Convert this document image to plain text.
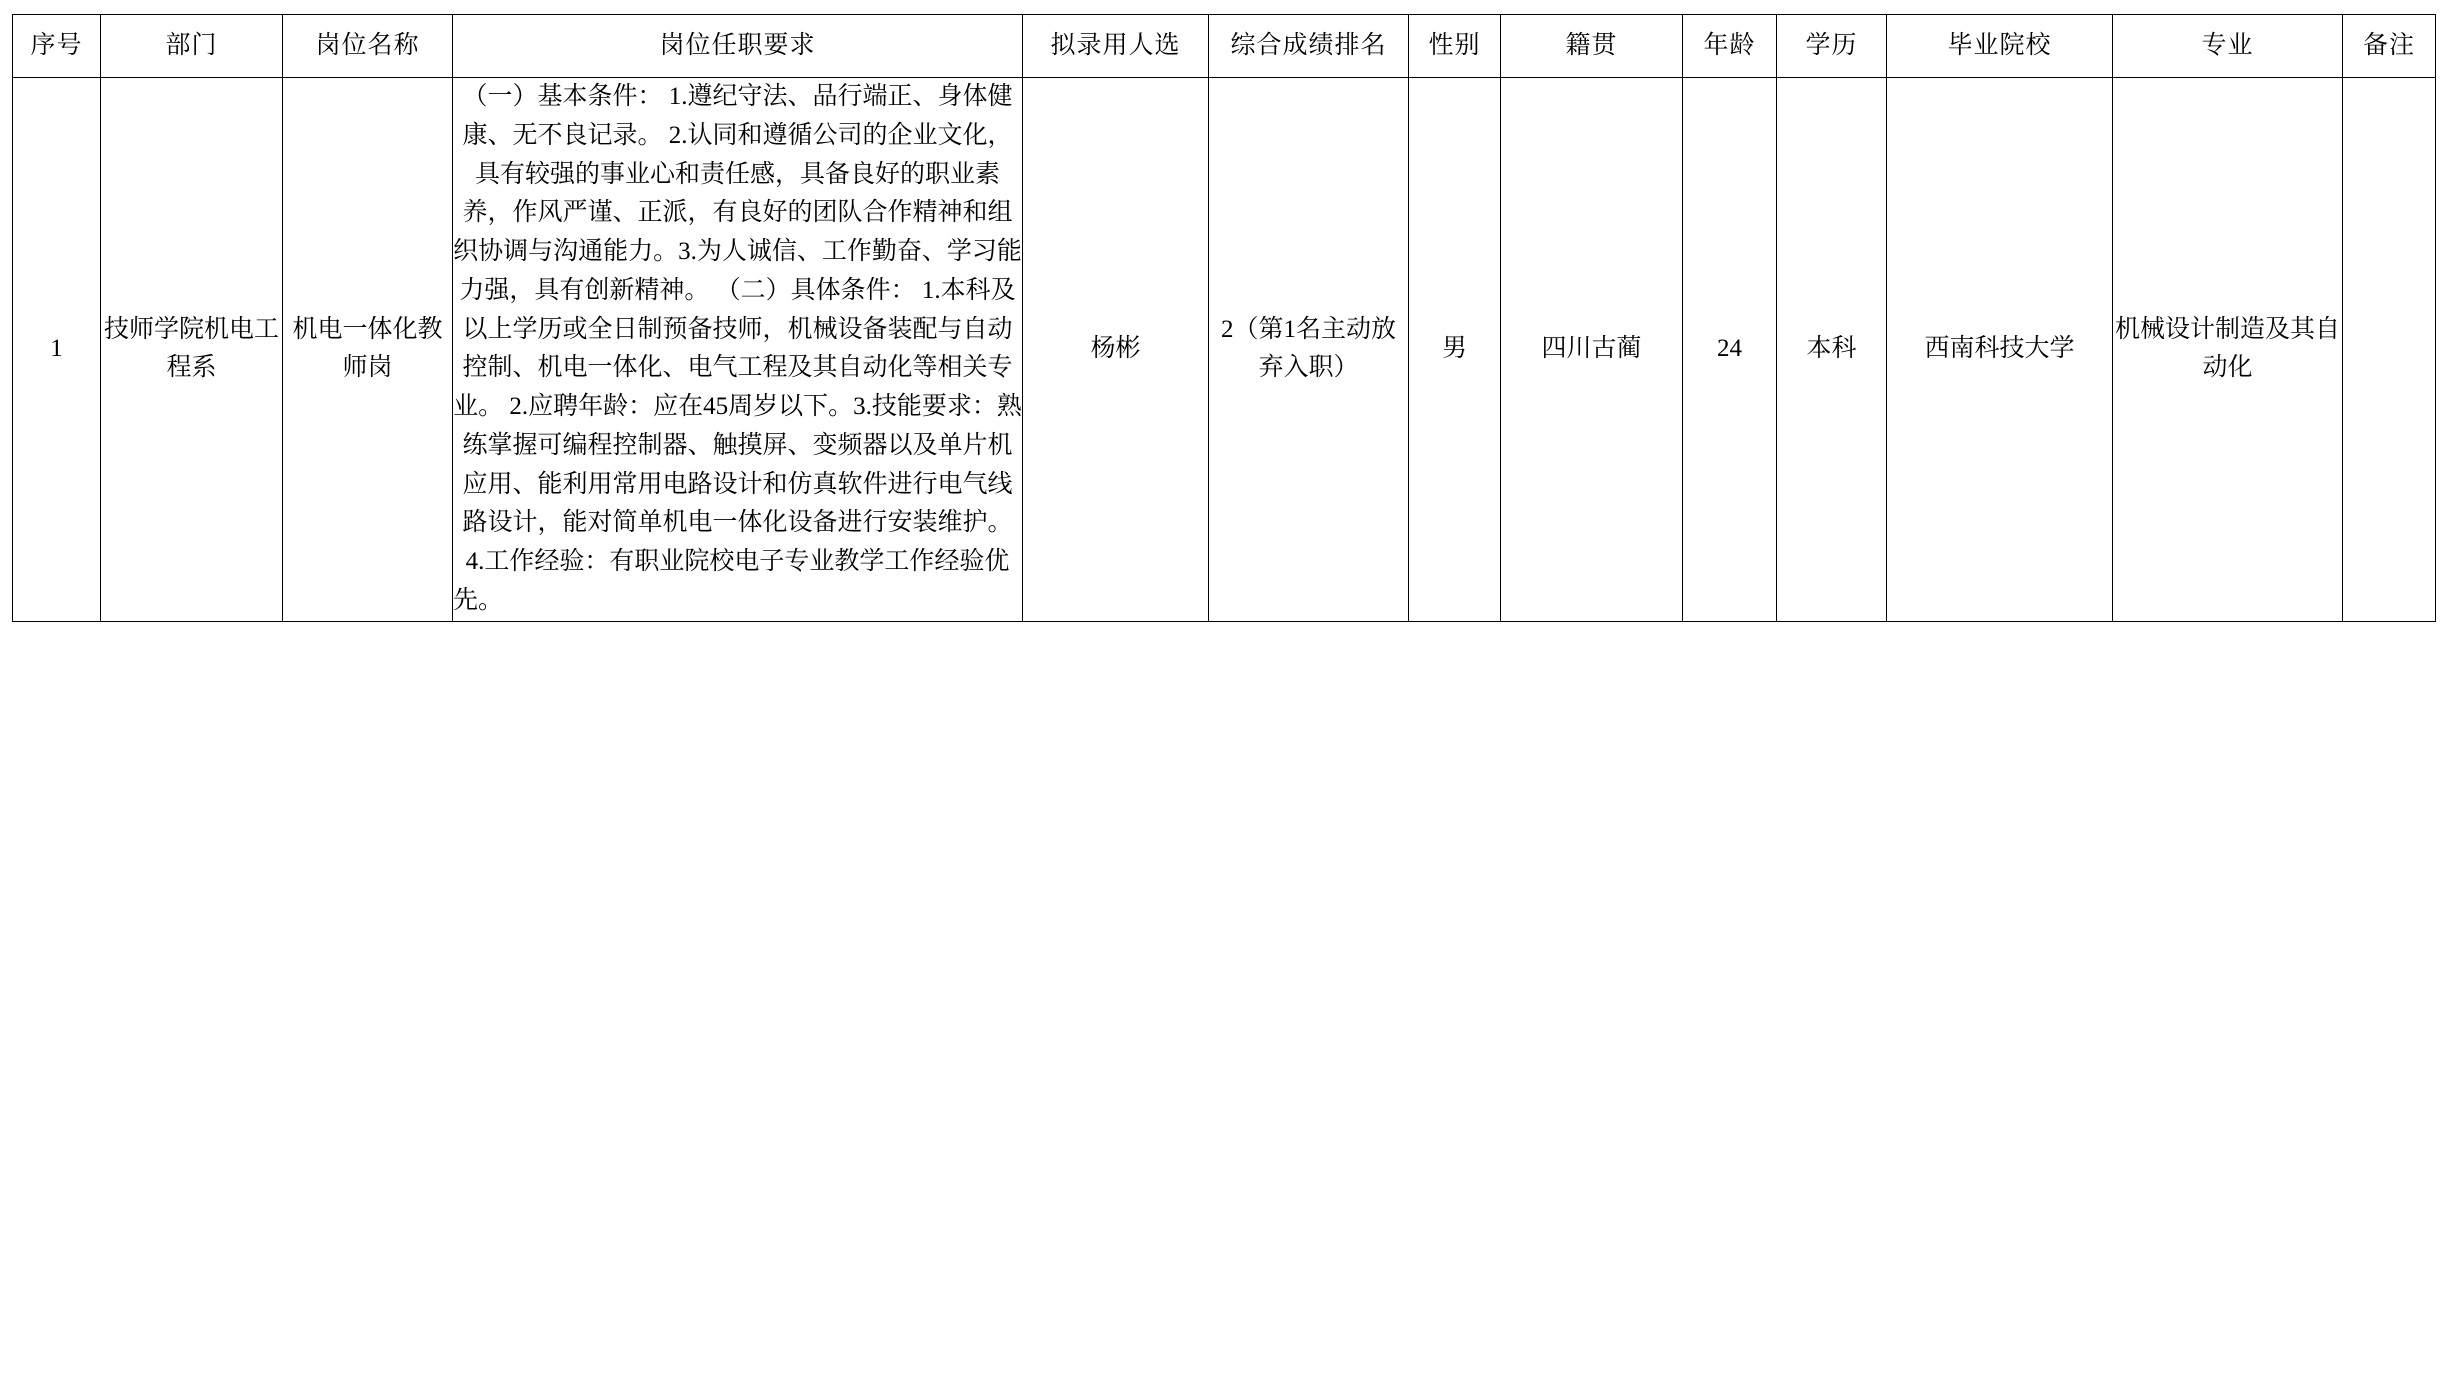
序号	部门	岗位名称	岗位任职要求	拟录用人选	综合成绩排名	性别	籍贯	年龄	学历	毕业院校	专业	备注
1	技师学院机电工程系	机电一体化教师岗	（一）基本条件： 1.遵纪守法、品行端正、身体健康、无不良记录。 2.认同和遵循公司的企业文化，具有较强的事业心和责任感，具备良好的职业素养，作风严谨、正派，有良好的团队合作精神和组织协调与沟通能力。3.为人诚信、工作勤奋、学习能力强，具有创新精神。 （二）具体条件： 1.本科及以上学历或全日制预备技师，机械设备装配与自动控制、机电一体化、电气工程及其自动化等相关专业。 2.应聘年龄：应在45周岁以下。3.技能要求：熟练掌握可编程控制器、触摸屏、变频器以及单片机应用、能利用常用电路设计和仿真软件进行电气线路设计，能对简单机电一体化设备进行安装维护。 4.工作经验：有职业院校电子专业教学工作经验优先。	杨彬	2（第1名主动放弃入职）	男	四川古蔺	24	本科	西南科技大学	机械设计制造及其自动化	
